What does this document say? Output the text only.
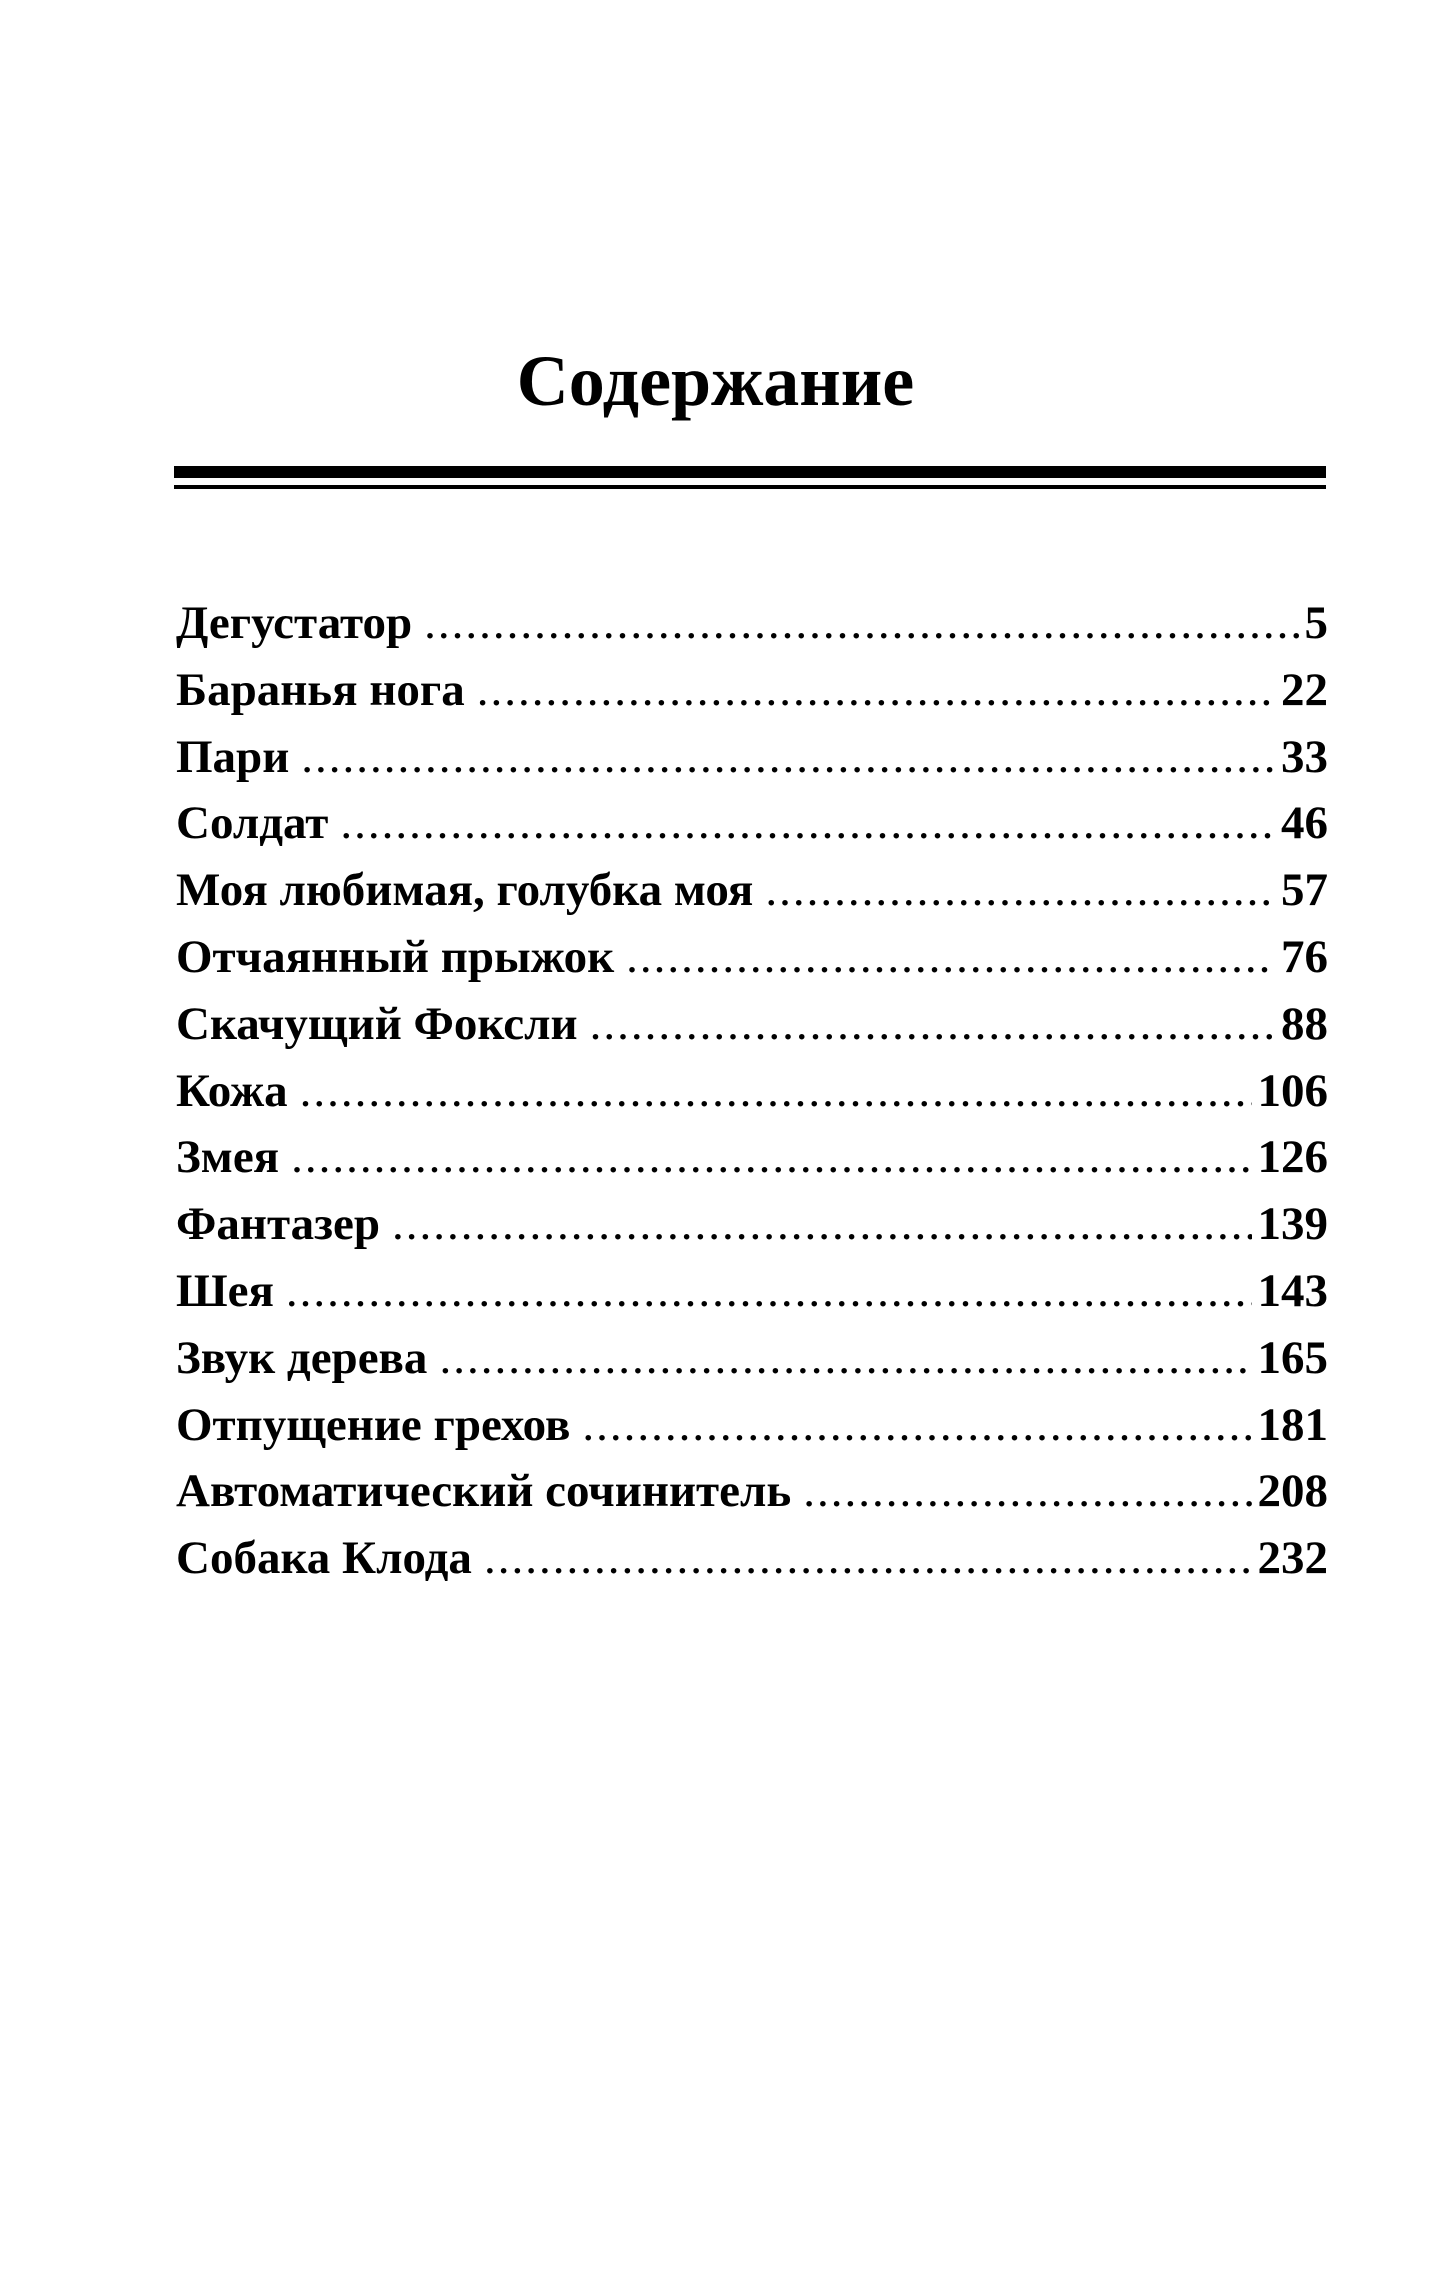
Содержание
Дегустатор .....	5
Баранья нога .....	22
Пари .....	33
Солдат .....	46
Моя любимая, голубка моя .....	57
Отчаянный прыжок .....	76
Скачущий Фоксли .....	88
Кожа .....	106
Змея .....	126
Фантазер .....	139
Шея .....	143
Звук дерева .....	165
Отпущение грехов .....	181
Автоматический сочинитель .....	208
Собака Клода .....	232
